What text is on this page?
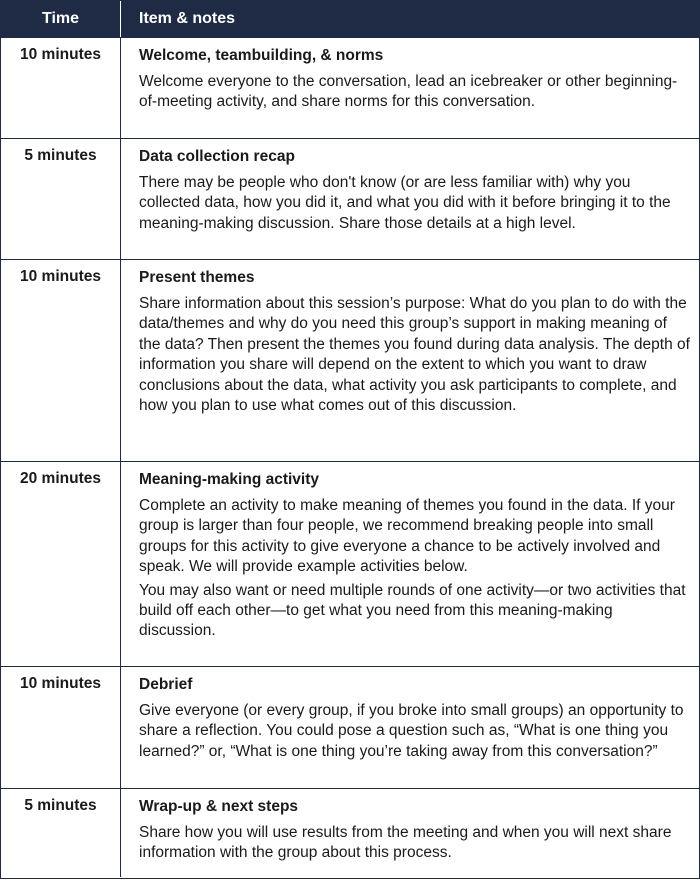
Time	Item & notes
10 minutes	Welcome, teambuilding, & norms

Welcome everyone to the conversation, lead an icebreaker or other beginning-of-meeting activity, and share norms for this conversation.

5 minutes	Data collection recap

There may be people who don't know (or are less familiar with) why you collected data, how you did it, and what you did with it before bringing it to the meaning-making discussion. Share those details at a high level.

10 minutes	Present themes

Share information about this session’s purpose: What do you plan to do with the data/themes and why do you need this group’s support in making meaning of the data? Then present the themes you found during data analysis. The depth of information you share will depend on the extent to which you want to draw conclusions about the data, what activity you ask participants to complete, and how you plan to use what comes out of this discussion.

20 minutes	Meaning-making activity

Complete an activity to make meaning of themes you found in the data. If your group is larger than four people, we recommend breaking people into small groups for this activity to give everyone a chance to be actively involved and speak. We will provide example activities below.

You may also want or need multiple rounds of one activity—or two activities that build off each other—to get what you need from this meaning-making discussion.

10 minutes	Debrief

Give everyone (or every group, if you broke into small groups) an opportunity to share a reflection. You could pose a question such as, “What is one thing you learned?” or, “What is one thing you’re taking away from this conversation?”

5 minutes	Wrap-up & next steps

Share how you will use results from the meeting and when you will next share information with the group about this process.
